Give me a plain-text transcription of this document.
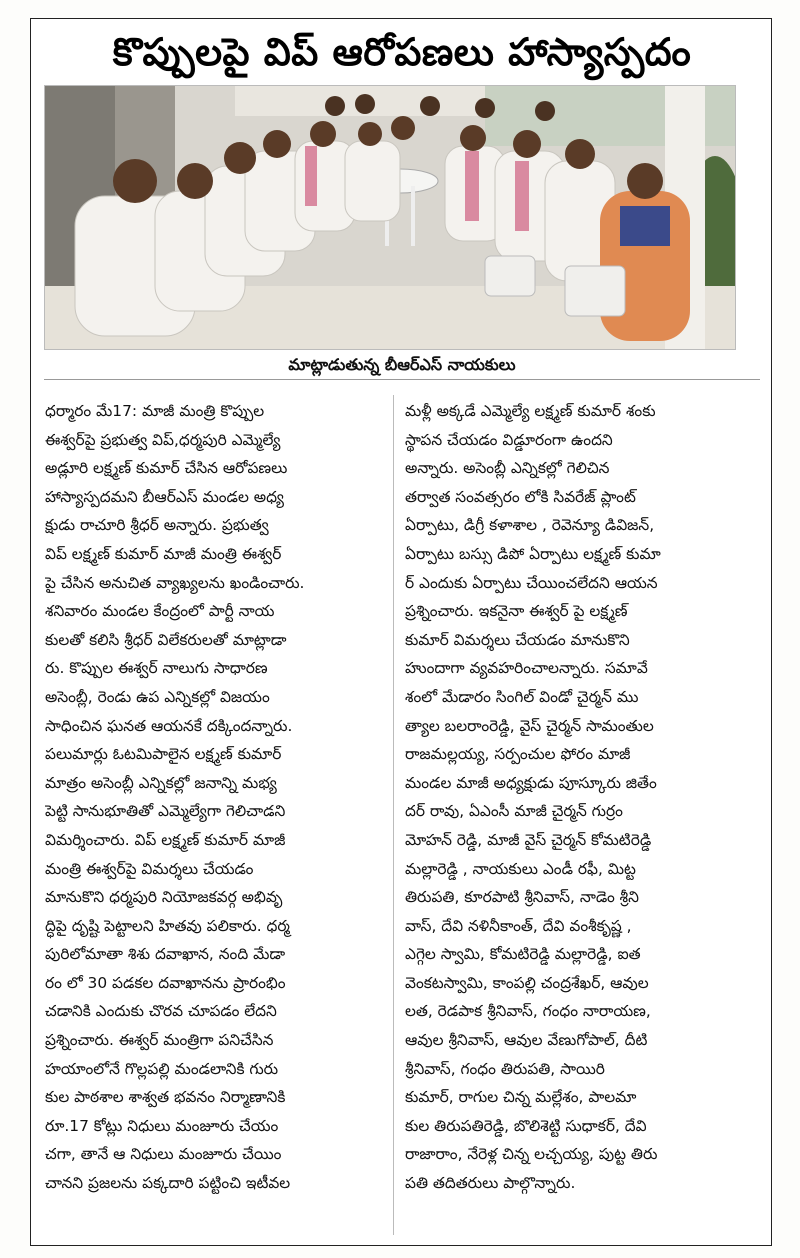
కొప్పులపై విప్ ఆరోపణలు హాస్యాస్పదం
మాట్లాడుతున్న బీఆర్ఎస్ నాయకులు
ధర్మారం మే17: మాజీ మంత్రి కొప్పుల
ఈశ్వర్‌పై ప్రభుత్వ విప్,ధర్మపురి ఎమ్మెల్యే
అడ్లూరి లక్ష్మణ్ కుమార్ చేసిన ఆరోపణలు
హాస్యాస్పదమని బీఆర్ఎస్ మండల అధ్య
క్షుడు రాచూరి శ్రీధర్ అన్నారు. ప్రభుత్వ
విప్ లక్ష్మణ్ కుమార్ మాజీ మంత్రి ఈశ్వర్
పై చేసిన అనుచిత వ్యాఖ్యలను ఖండించారు.
శనివారం మండల కేంద్రంలో పార్టీ నాయ
కులతో కలిసి శ్రీధర్ విలేకరులతో మాట్లాడా
రు. కొప్పుల ఈశ్వర్ నాలుగు సాధారణ
అసెంబ్లీ, రెండు ఉప ఎన్నికల్లో విజయం
సాధించిన ఘనత ఆయనకే దక్కిందన్నారు.
పలుమార్లు ఓటమిపాలైన లక్ష్మణ్ కుమార్
మాత్రం అసెంబ్లీ ఎన్నికల్లో జనాన్ని మభ్య
పెట్టి సానుభూతితో ఎమ్మెల్యేగా గెలిచాడని
విమర్శించారు. విప్ లక్ష్మణ్ కుమార్ మాజీ
మంత్రి ఈశ్వర్‌పై విమర్శలు చేయడం
మానుకొని ధర్మపురి నియోజకవర్గ అభివృ
ద్ధిపై దృష్టి పెట్టాలని హితవు పలికారు. ధర్మ
పురిలోమాతా శిశు దవాఖాన, నంది మేడా
రం లో 30 పడకల దవాఖానను ప్రారంభిం
చడానికి ఎందుకు చొరవ చూపడం లేదని
ప్రశ్నించారు. ఈశ్వర్ మంత్రిగా పనిచేసిన
హయాంలోనే గొల్లపల్లి మండలానికి గురు
కుల పాఠశాల శాశ్వత భవనం నిర్మాణానికి
రూ.17 కోట్లు నిధులు మంజూరు చేయం
చగా, తానే ఆ నిధులు మంజూరు చేయిం
చానని ప్రజలను పక్కదారి పట్టించి ఇటీవల
మళ్లీ అక్కడే ఎమ్మెల్యే లక్ష్మణ్ కుమార్ శంకు
స్థాపన చేయడం విడ్డూరంగా ఉందని
అన్నారు. అసెంబ్లీ ఎన్నికల్లో గెలిచిన
తర్వాత సంవత్సరం లోకి సివరేజ్ ప్లాంట్
ఏర్పాటు, డిగ్రీ కళాశాల , రెవెన్యూ డివిజన్,
ఏర్పాటు బస్సు డిపో ఏర్పాటు లక్ష్మణ్ కుమా
ర్ ఎందుకు ఏర్పాటు చేయించలేదని ఆయన
ప్రశ్నించారు. ఇకనైనా ఈశ్వర్ పై లక్ష్మణ్
కుమార్ విమర్శలు చేయడం మానుకొని
హుందాగా వ్యవహరించాలన్నారు. సమావే
శంలో మేడారం సింగిల్ విండో చైర్మన్ ము
త్యాల బలరాంరెడ్డి, వైస్ చైర్మన్ సామంతుల
రాజమల్లయ్య, సర్పంచుల ఫోరం మాజీ
మండల మాజీ అధ్యక్షుడు పూస్కూరు జితేం
దర్ రావు, ఏఎంసీ మాజీ చైర్మన్ గుర్రం
మోహన్ రెడ్డి, మాజీ వైస్ చైర్మన్ కోమటిరెడ్డి
మల్లారెడ్డి , నాయకులు ఎండీ రఫీ, మిట్ట
తిరుపతి, కూరపాటి శ్రీనివాస్, నాడెం శ్రీని
వాస్, దేవి నళినీకాంత్, దేవి వంశీకృష్ణ ,
ఎగ్గెల స్వామి, కోమటిరెడ్డి మల్లారెడ్డి, ఐత
వెంకటస్వామి, కాంపల్లి చంద్రశేఖర్, ఆవుల
లత, రెడపాక శ్రీనివాస్, గంధం నారాయణ,
ఆవుల శ్రీనివాస్, ఆవుల వేణుగోపాల్, దీటి
శ్రీనివాస్, గంధం తిరుపతి, సాయిరి
కుమార్, రాగుల చిన్న మల్లేశం, పాలమా
కుల తిరుపతిరెడ్డి, బొలిశెట్టి సుధాకర్, దేవి
రాజారాం, నేరెళ్ల చిన్న లచ్చయ్య, పుట్ట తిరు
పతి తదితరులు పాల్గొన్నారు.
